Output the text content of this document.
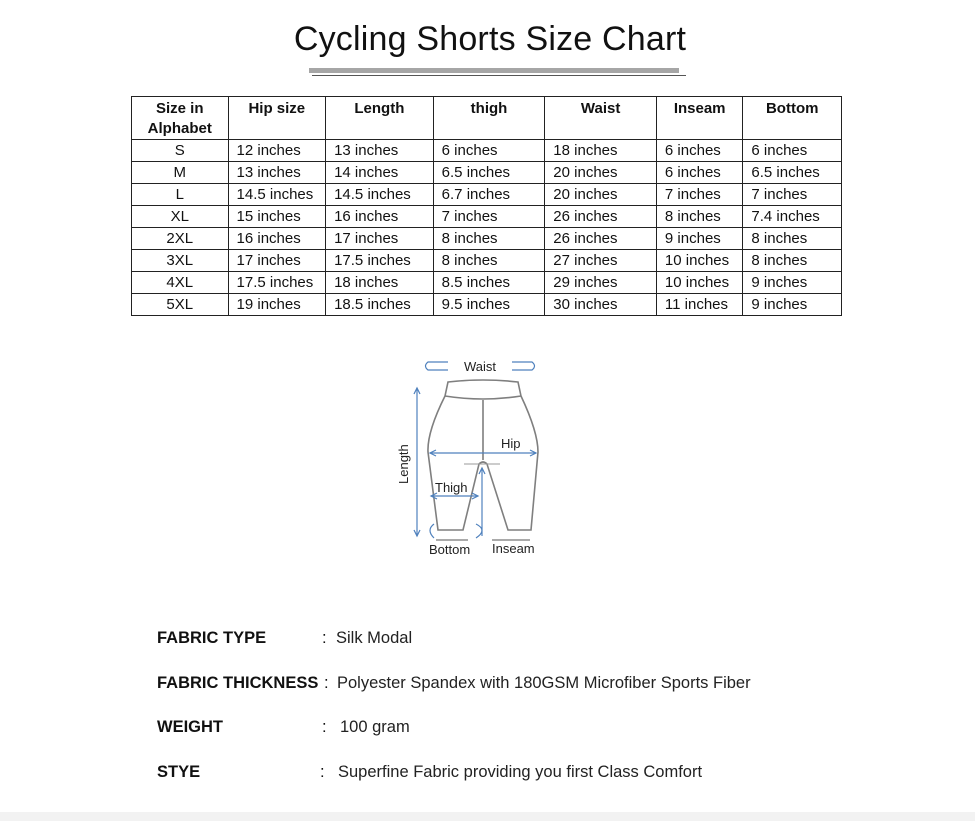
Cycling Shorts Size Chart
Size in
Alphabet	Hip size	Length	thigh	Waist	Inseam	Bottom
S	12 inches	13 inches	6 inches	18 inches	6 inches	6 inches
M	13 inches	14 inches	6.5 inches	20 inches	6 inches	6.5 inches
L	14.5 inches	14.5 inches	6.7 inches	20 inches	7 inches	7 inches
XL	15 inches	16 inches	7 inches	26 inches	8 inches	7.4 inches
2XL	16 inches	17 inches	8 inches	26 inches	9 inches	8 inches
3XL	17 inches	17.5 inches	8 inches	27 inches	10 inches	8 inches
4XL	17.5 inches	18 inches	8.5 inches	29 inches	10 inches	9 inches
5XL	19 inches	18.5 inches	9.5 inches	30 inches	11 inches	9 inches
Waist
Hip
Length
Thigh
Bottom Inseam
FABRIC TYPE	: Silk Modal
FABRIC THICKNESS : Polyester Spandex with 180GSM Microfiber Sports Fiber
WEIGHT	: 100 gram
STYE	: Superfine Fabric providing you first Class Comfort
